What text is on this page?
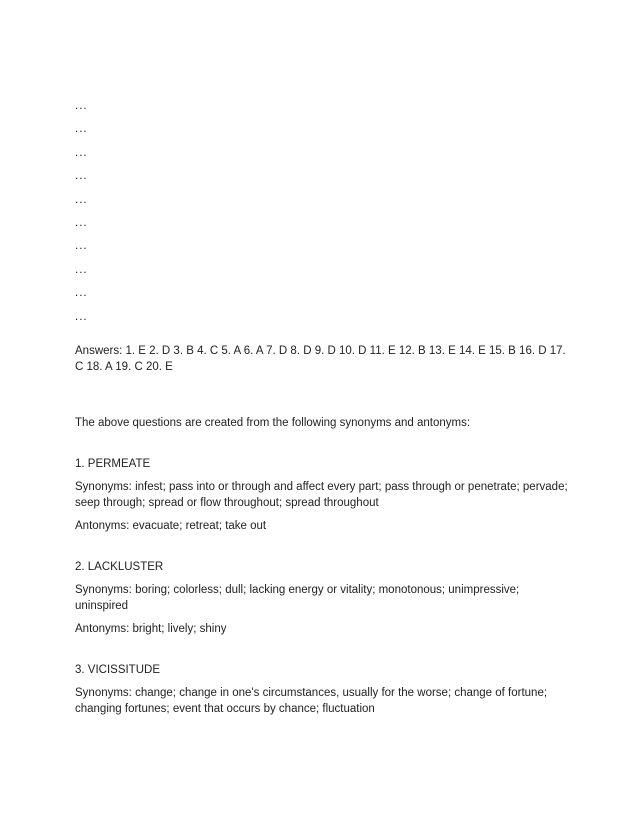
...
...
...
...
...
...
...
...
...
...

Answers: 1. E 2. D 3. B 4. C 5. A 6. A 7. D 8. D 9. D 10. D 11. E 12. B 13. E 14. E 15. B 16. D 17. C 18. A 19. C 20. E

The above questions are created from the following synonyms and antonyms:

1. PERMEATE

Synonyms: infest; pass into or through and affect every part; pass through or penetrate; pervade; seep through; spread or flow throughout; spread throughout

Antonyms: evacuate; retreat; take out

2. LACKLUSTER

Synonyms: boring; colorless; dull; lacking energy or vitality; monotonous; unimpressive; uninspired

Antonyms: bright; lively; shiny

3. VICISSITUDE

Synonyms: change; change in one's circumstances, usually for the worse; change of fortune; changing fortunes; event that occurs by chance; fluctuation
